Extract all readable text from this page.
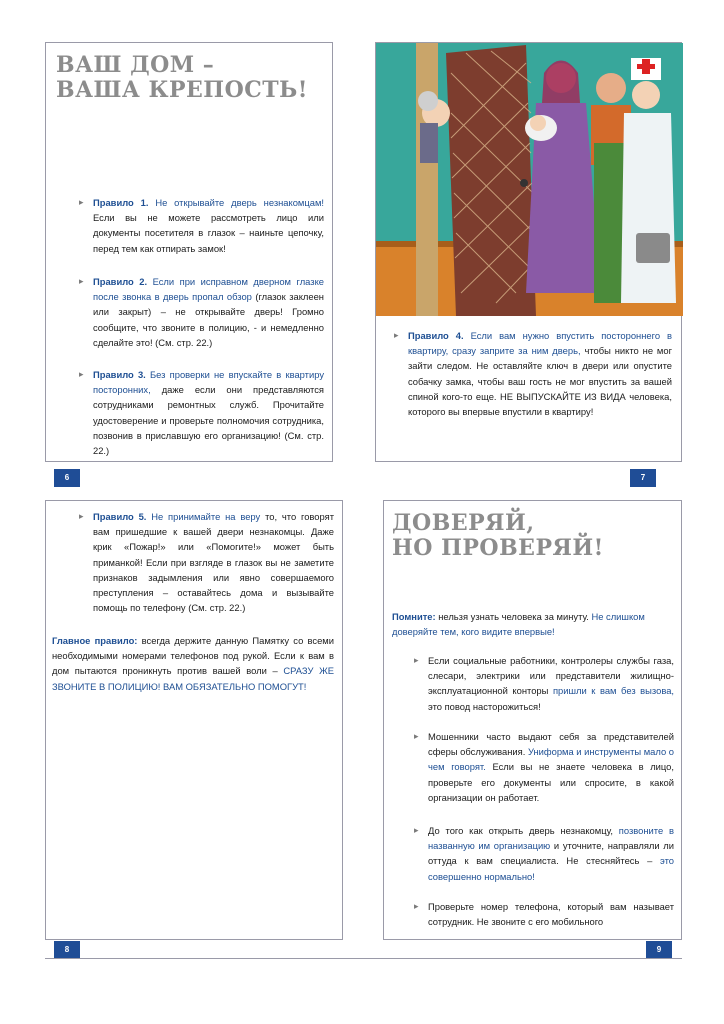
ВАШ ДОМ –
ВАША КРЕПОСТЬ!
▸ Правило 1. Не открывайте дверь незнакомцам! Если вы не можете рассмотреть лицо или документы посетителя в глазок – наиньте цепочку, перед тем как отпирать замок!
▸ Правило 2. Если при исправном дверном глазке после звонка в дверь пропал обзор (глазок заклеен или закрыт) – не открывайте дверь! Громно сообщите, что звоните в полицию, - и немедленно сделайте это! (См. стр. 22.)
▸ Правило 3. Без проверки не впускайте в квартиру посторонних, даже если они представляются сотрудниками ремонтных служб. Прочитайте удостоверение и проверьте полномочия сотрудника, позвонив в приславшую его организацию! (См. стр. 22.)
6
▸ Правило 4. Если вам нужно впустить постороннего в квартиру, сразу заприте за ним дверь, чтобы никто не мог зайти следом. Не оставляйте ключ в двери или опустите собачку замка, чтобы ваш гость не мог впустить за вашей спиной кого-то еще. НЕ ВЫПУСКАЙТЕ ИЗ ВИДА человека, которого вы впервые впустили в квартиру!
7
▸ Правило 5. Не принимайте на веру то, что говорят вам пришедшие к вашей двери незнакомцы. Даже крик «Пожар!» или «Помогите!» может быть приманкой! Если при взгляде в глазок вы не заметите признаков задымления или явно совершаемого преступления – оставайтесь дома и вызывайте помощь по телефону (См. стр. 22.)
Главное правило: всегда держите данную Памятку со всеми необходимыми номерами телефонов под рукой. Если к вам в дом пытаются проникнуть против вашей воли – СРАЗУ ЖЕ ЗВОНИТЕ В ПОЛИЦИЮ! ВАМ ОБЯЗАТЕЛЬНО ПОМОГУТ!
8
ДОВЕРЯЙ,
НО ПРОВЕРЯЙ!
Помните: нельзя узнать человека за минуту. Не слишком доверяйте тем, кого видите впервые!
▸ Если социальные работники, контролеры службы газа, слесари, электрики или представители жилищно-эксплуатационной конторы пришли к вам без вызова, это повод насторожиться!
▸ Мошенники часто выдают себя за представителей сферы обслуживания. Униформа и инструменты мало о чем говорят. Если вы не знаете человека в лицо, проверьте его документы или спросите, в какой организации он работает.
▸ До того как открыть дверь незнакомцу, позвоните в названную им организацию и уточните, направляли ли оттуда к вам специалиста. Не стесняйтесь – это совершенно нормально!
▸ Проверьте номер телефона, который вам называет сотрудник. Не звоните с его мобильного
9
